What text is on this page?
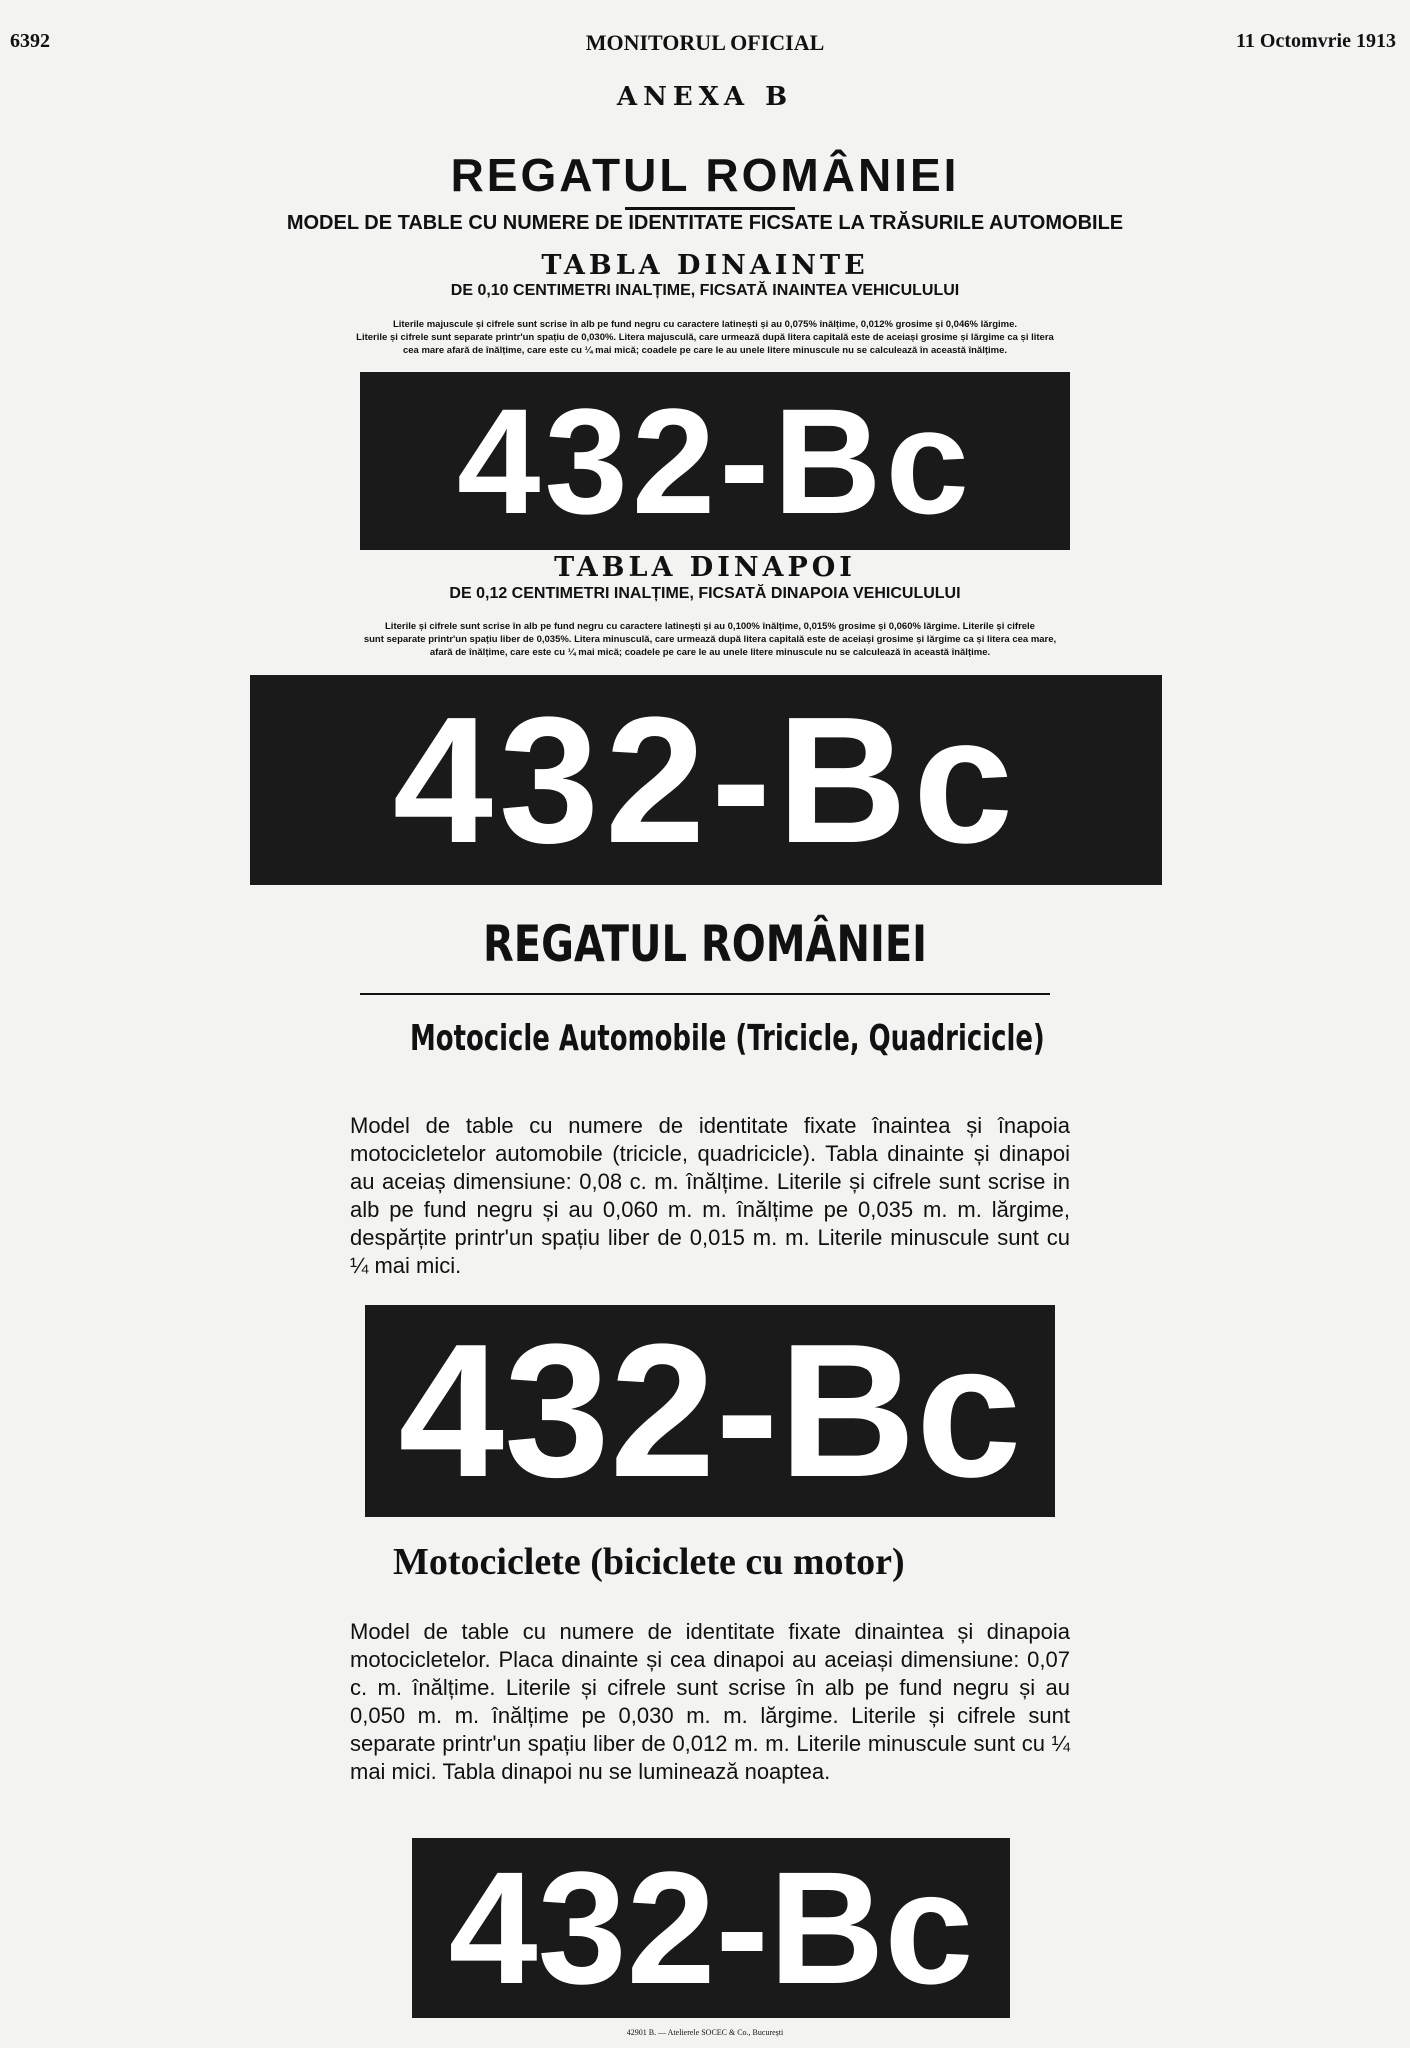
6392	MONITORUL OFICIAL	11 Octomvrie 1913
ANEXA B
REGATUL ROMÂNIEI
MODEL DE TABLE CU NUMERE DE IDENTITATE FICSATE LA TRĂSURILE AUTOMOBILE
TABLA DINAINTE
DE 0,10 CENTIMETRI INALȚIME, FICSATĂ INAINTEA VEHICULULUI
Literile majuscule și cifrele sunt scrise în alb pe fund negru cu caractere latinești și au 0,075% înălțime, 0,012% grosime și 0,046% lărgime.
Literile și cifrele sunt separate printr'un spațiu de 0,030%. Litera majusculă, care urmează după litera capitală este de aceiași grosime și lărgime ca și litera
cea mare afară de înălțime, care este cu ¼ mai mică; coadele pe care le au unele litere minuscule nu se calculează în această înălțime.
432-Bc
TABLA DINAPOI
DE 0,12 CENTIMETRI INALȚIME, FICSATĂ DINAPOIA VEHICULULUI
Literile și cifrele sunt scrise în alb pe fund negru cu caractere latinești și au 0,100% înălțime, 0,015% grosime și 0,060% lărgime. Literile și cifrele
sunt separate printr'un spațiu liber de 0,035%. Litera minusculă, care urmează după litera capitală este de aceiași grosime și lărgime ca și litera cea mare,
afară de înălțime, care este cu ¼ mai mică; coadele pe care le au unele litere minuscule nu se calculează în această înălțime.
432-Bc
REGATUL ROMÂNIEI
Motocicle Automobile (Tricicle, Quadricicle)
Model de table cu numere de identitate fixate înaintea și înapoia motocicletelor automobile (tricicle, quadricicle). Tabla dinainte și dinapoi au aceiaș dimensiune: 0,08 c. m. înălțime. Literile și cifrele sunt scrise in alb pe fund negru și au 0,060 m. m. înălțime pe 0,035 m. m. lărgime, despărțite printr'un spațiu liber de 0,015 m. m. Literile minuscule sunt cu ¼ mai mici.
432-Bc
Motociclete (biciclete cu motor)
Model de table cu numere de identitate fixate dinaintea și dinapoia motocicletelor. Placa dinainte și cea dinapoi au aceiași dimensiune: 0,07 c. m. înălțime. Literile și cifrele sunt scrise în alb pe fund negru și au 0,050 m. m. înălțime pe 0,030 m. m. lărgime. Literile și cifrele sunt separate printr'un spațiu liber de 0,012 m. m. Literile minuscule sunt cu ¼ mai mici. Tabla dinapoi nu se luminează noaptea.
432-Bc
42901 B. — Atelierele SOCEC & Co., București
